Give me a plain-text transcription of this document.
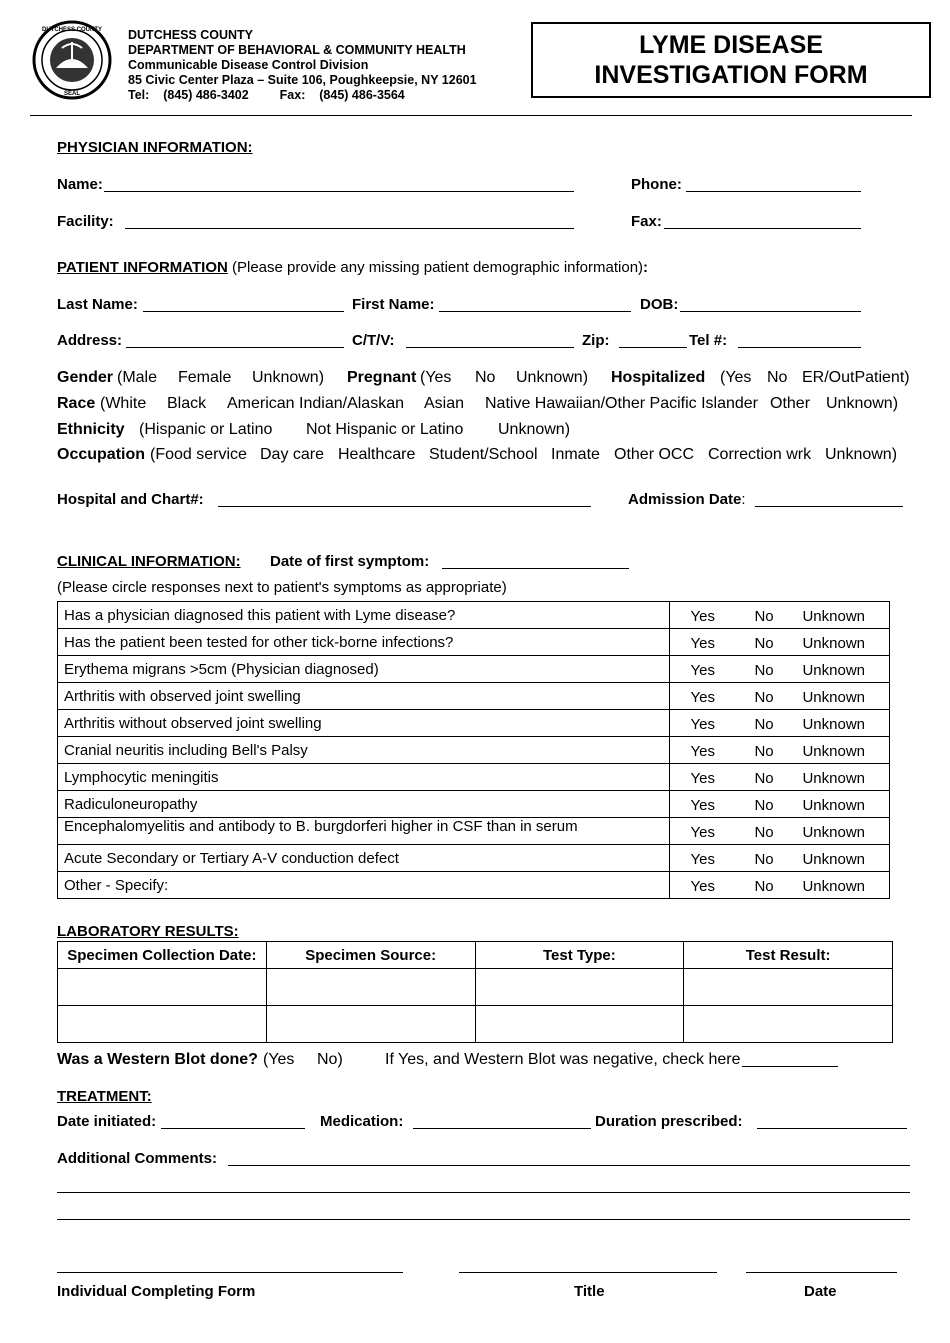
DUTCHESS COUNTY
SEAL
DUTCHESS COUNTY
DEPARTMENT OF BEHAVIORAL & COMMUNITY HEALTH
Communicable Disease Control Division
85 Civic Center Plaza – Suite 106, Poughkeepsie, NY 12601
Tel: (845) 486-3402 Fax: (845) 486-3564
LYME DISEASE
INVESTIGATION FORM
PHYSICIAN INFORMATION:
Name:	Phone:
Facility:	Fax:
PATIENT INFORMATION (Please provide any missing patient demographic information):
Last Name:	First Name:	DOB:
Address:	C/T/V:	Zip:	Tel #:
Gender (Male Female Unknown) Pregnant (Yes No Unknown) Hospitalized (Yes No ER/OutPatient)
Race (White Black American Indian/Alaskan Asian Native Hawaiian/Other Pacific Islander Other Unknown)
Ethnicity (Hispanic or Latino Not Hispanic or Latino Unknown)
Occupation (Food service Day care Healthcare Student/School Inmate Other OCC Correction wrk Unknown)
Hospital and Chart#:	Admission Date:
CLINICAL INFORMATION: Date of first symptom:
(Please circle responses next to patient's symptoms as appropriate)
Has a physician diagnosed this patient with Lyme disease?	Yes No Unknown

Has the patient been tested for other tick-borne infections?	Yes No Unknown

Erythema migrans >5cm (Physician diagnosed)	Yes No Unknown

Arthritis with observed joint swelling	Yes No Unknown

Arthritis without observed joint swelling	Yes No Unknown

Cranial neuritis including Bell's Palsy	Yes No Unknown

Lymphocytic meningitis	Yes No Unknown

Radiculoneuropathy	Yes No Unknown

Encephalomyelitis and antibody to B. burgdorferi higher in CSF than in serum	Yes No Unknown

Acute Secondary or Tertiary A-V conduction defect	Yes No Unknown

Other - Specify:	Yes No Unknown
LABORATORY RESULTS:
Specimen Collection Date:	Specimen Source:	Test Type:	Test Result:

Was a Western Blot done? (Yes No)	If Yes, and Western Blot was negative, check here
TREATMENT:
Date initiated:	Medication:	Duration prescribed:
Additional Comments:
Individual Completing Form	Title	Date
